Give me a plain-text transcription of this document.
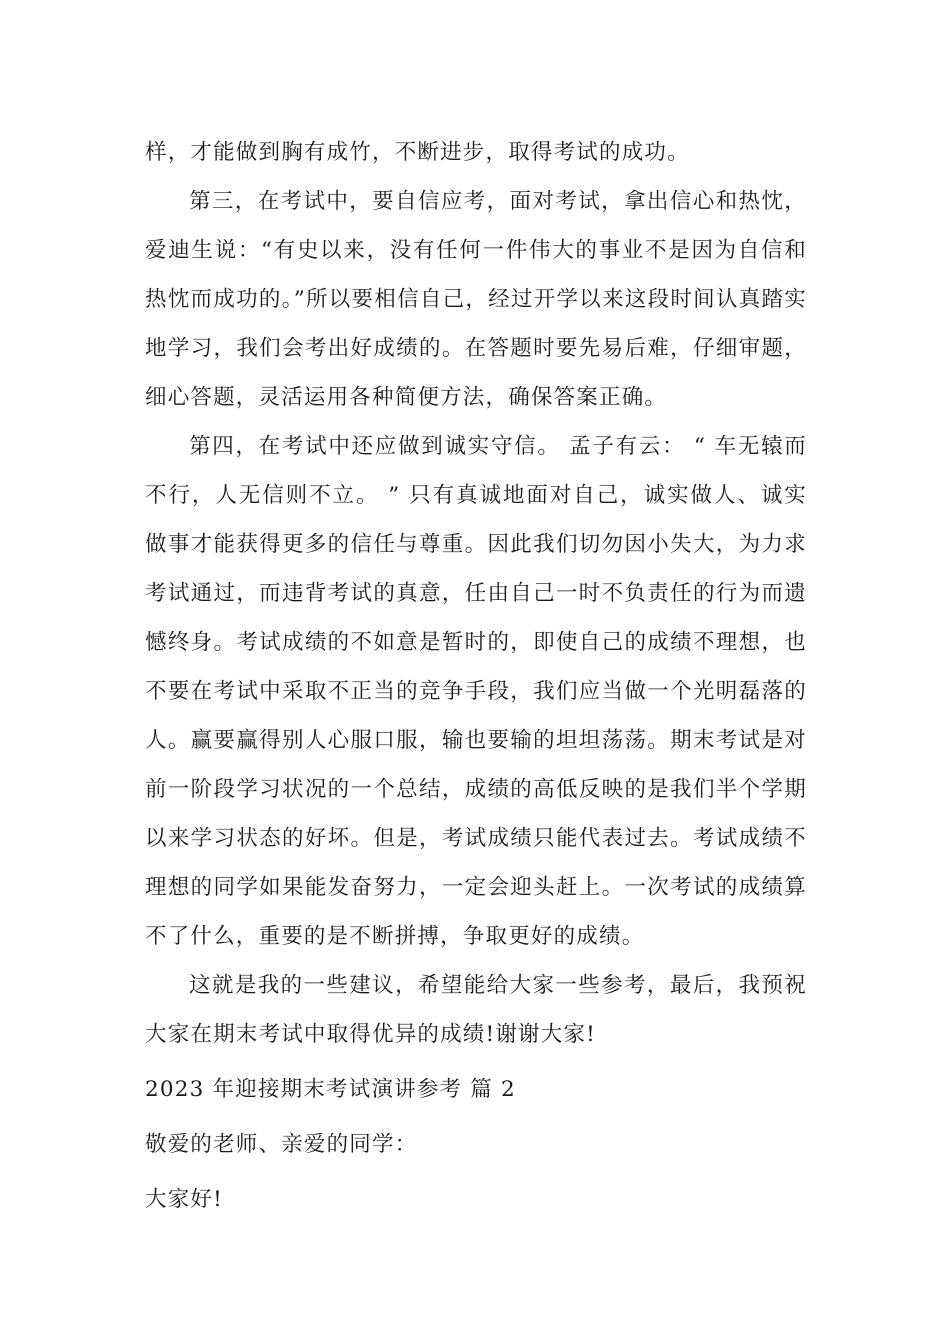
样，才能做到胸有成竹，不断进步，取得考试的成功。

第三，在考试中，要自信应考，面对考试，拿出信心和热忱，爱迪生说：“有史以来，没有任何一件伟大的事业不是因为自信和热忱而成功的。”所以要相信自己，经过开学以来这段时间认真踏实地学习，我们会考出好成绩的。在答题时要先易后难，仔细审题，细心答题，灵活运用各种简便方法，确保答案正确。

第四，在考试中还应做到诚实守信。 孟子有云： “ 车无辕而不行，人无信则不立。 ” 只有真诚地面对自己，诚实做人、诚实做事才能获得更多的信任与尊重。因此我们切勿因小失大，为力求考试通过，而违背考试的真意，任由自己一时不负责任的行为而遗憾终身。考试成绩的不如意是暂时的，即使自己的成绩不理想，也不要在考试中采取不正当的竞争手段，我们应当做一个光明磊落的人。赢要赢得别人心服口服，输也要输的坦坦荡荡。期末考试是对前一阶段学习状况的一个总结，成绩的高低反映的是我们半个学期以来学习状态的好坏。但是，考试成绩只能代表过去。考试成绩不理想的同学如果能发奋努力，一定会迎头赶上。一次考试的成绩算不了什么，重要的是不断拼搏，争取更好的成绩。

这就是我的一些建议，希望能给大家一些参考，最后，我预祝大家在期末考试中取得优异的成绩!谢谢大家!

2023 年迎接期末考试演讲参考 篇 2

敬爱的老师、亲爱的同学：

大家好!
